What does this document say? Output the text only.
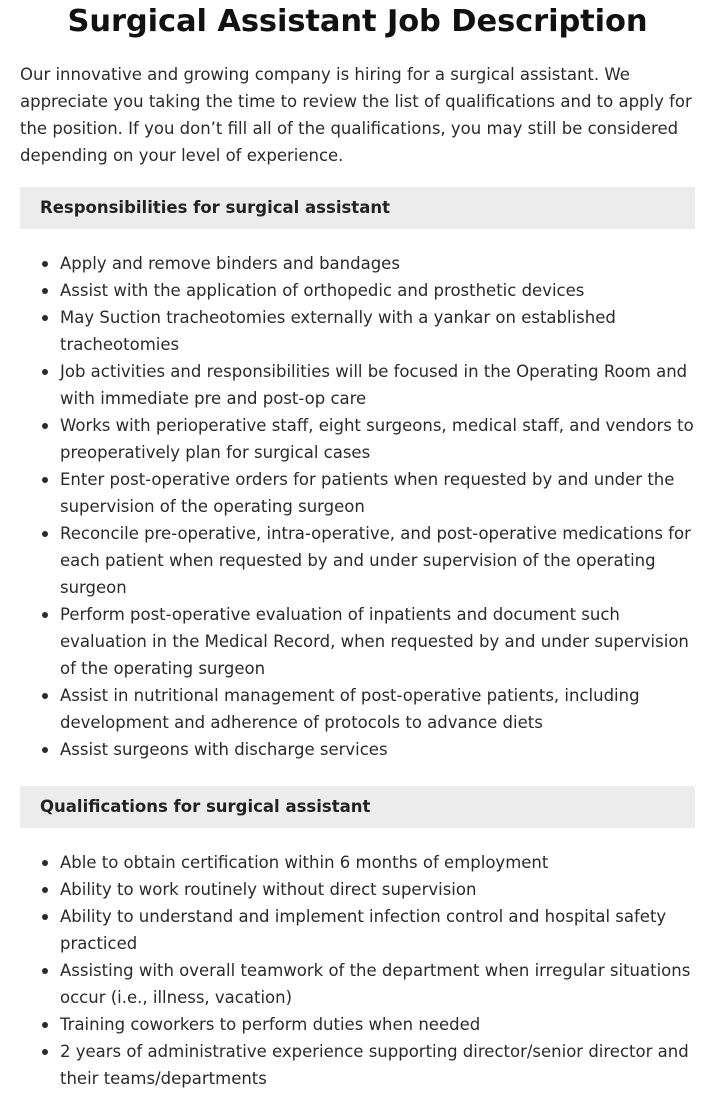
Surgical Assistant Job Description

Our innovative and growing company is hiring for a surgical assistant. We appreciate you taking the time to review the list of qualifications and to apply for the position. If you don’t fill all of the qualifications, you may still be considered depending on your level of experience.

Responsibilities for surgical assistant
Apply and remove binders and bandages
Assist with the application of orthopedic and prosthetic devices
May Suction tracheotomies externally with a yankar on established tracheotomies
Job activities and responsibilities will be focused in the Operating Room and with immediate pre and post-op care
Works with perioperative staff, eight surgeons, medical staff, and vendors to preoperatively plan for surgical cases
Enter post-operative orders for patients when requested by and under the supervision of the operating surgeon
Reconcile pre-operative, intra-operative, and post-operative medications for each patient when requested by and under supervision of the operating surgeon
Perform post-operative evaluation of inpatients and document such evaluation in the Medical Record, when requested by and under supervision of the operating surgeon
Assist in nutritional management of post-operative patients, including development and adherence of protocols to advance diets
Assist surgeons with discharge services
Qualifications for surgical assistant
Able to obtain certification within 6 months of employment
Ability to work routinely without direct supervision
Ability to understand and implement infection control and hospital safety practiced
Assisting with overall teamwork of the department when irregular situations occur (i.e., illness, vacation)
Training coworkers to perform duties when needed
2 years of administrative experience supporting director/senior director and their teams/departments
